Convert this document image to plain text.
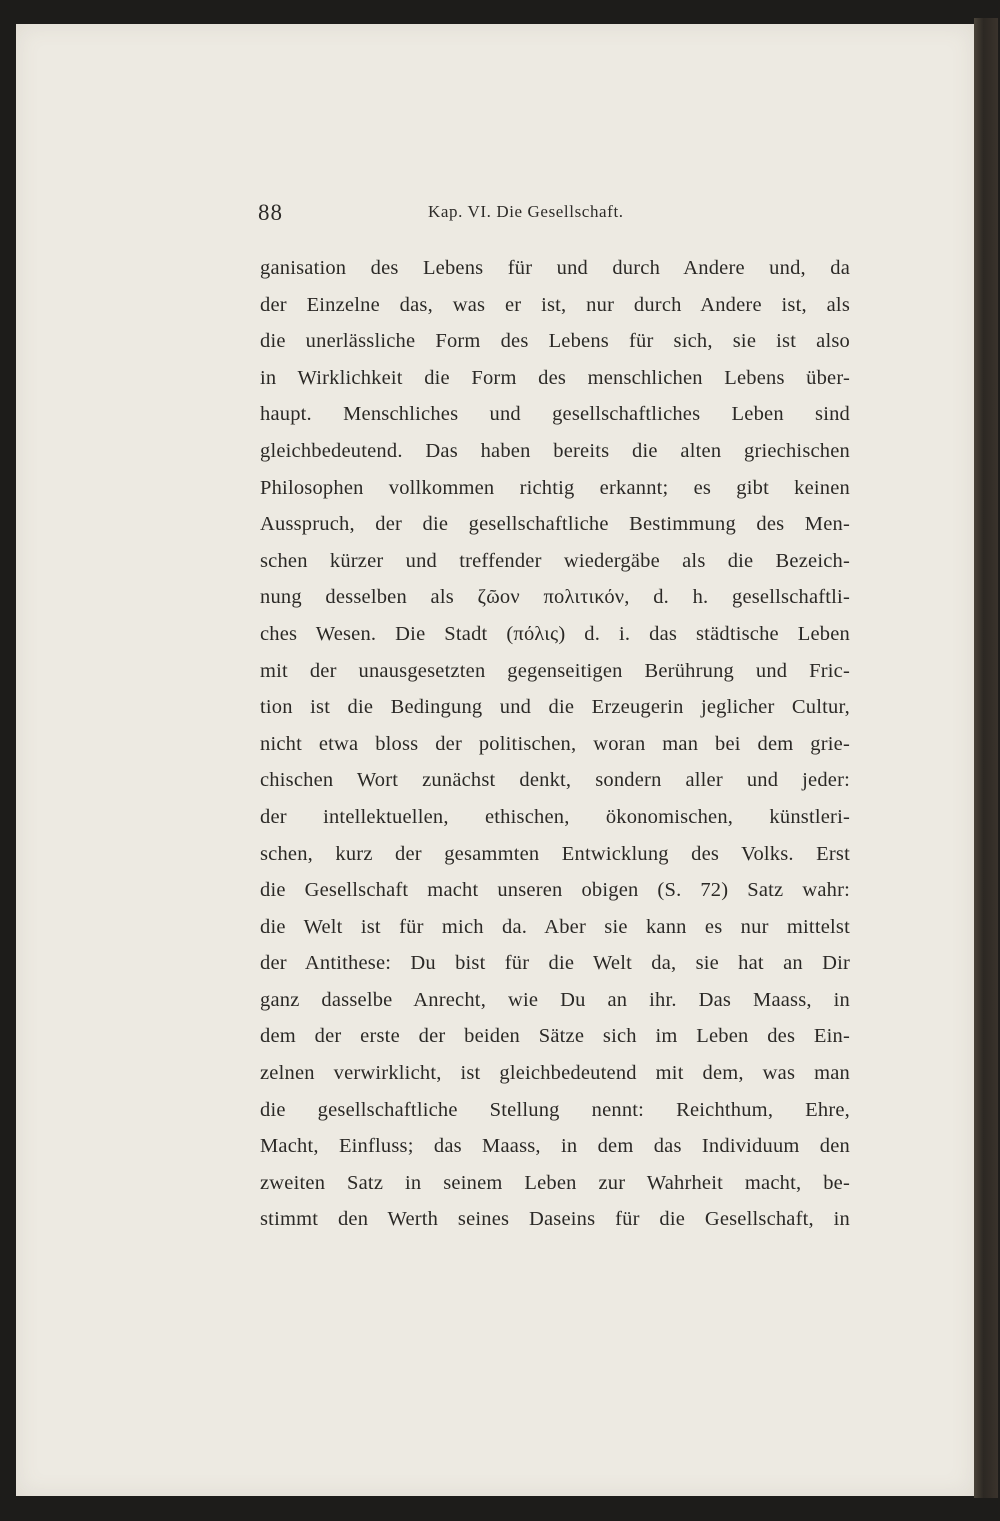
88	Kap. VI. Die Gesellschaft.
ganisation des Lebens für und durch Andere und, da
der Einzelne das, was er ist, nur durch Andere ist, als
die unerlässliche Form des Lebens für sich, sie ist also
in Wirklichkeit die Form des menschlichen Lebens über-
haupt. Menschliches und gesellschaftliches Leben sind
gleichbedeutend. Das haben bereits die alten griechischen
Philosophen vollkommen richtig erkannt; es gibt keinen
Ausspruch, der die gesellschaftliche Bestimmung des Men-
schen kürzer und treffender wiedergäbe als die Bezeich-
nung desselben als ζῶον πολιτικόν, d. h. gesellschaftli-
ches Wesen. Die Stadt (πόλις) d. i. das städtische Leben
mit der unausgesetzten gegenseitigen Berührung und Fric-
tion ist die Bedingung und die Erzeugerin jeglicher Cultur,
nicht etwa bloss der politischen, woran man bei dem grie-
chischen Wort zunächst denkt, sondern aller und jeder:
der intellektuellen, ethischen, ökonomischen, künstleri-
schen, kurz der gesammten Entwicklung des Volks. Erst
die Gesellschaft macht unseren obigen (S. 72) Satz wahr:
die Welt ist für mich da. Aber sie kann es nur mittelst
der Antithese: Du bist für die Welt da, sie hat an Dir
ganz dasselbe Anrecht, wie Du an ihr. Das Maass, in
dem der erste der beiden Sätze sich im Leben des Ein-
zelnen verwirklicht, ist gleichbedeutend mit dem, was man
die gesellschaftliche Stellung nennt: Reichthum, Ehre,
Macht, Einfluss; das Maass, in dem das Individuum den
zweiten Satz in seinem Leben zur Wahrheit macht, be-
stimmt den Werth seines Daseins für die Gesellschaft, in
